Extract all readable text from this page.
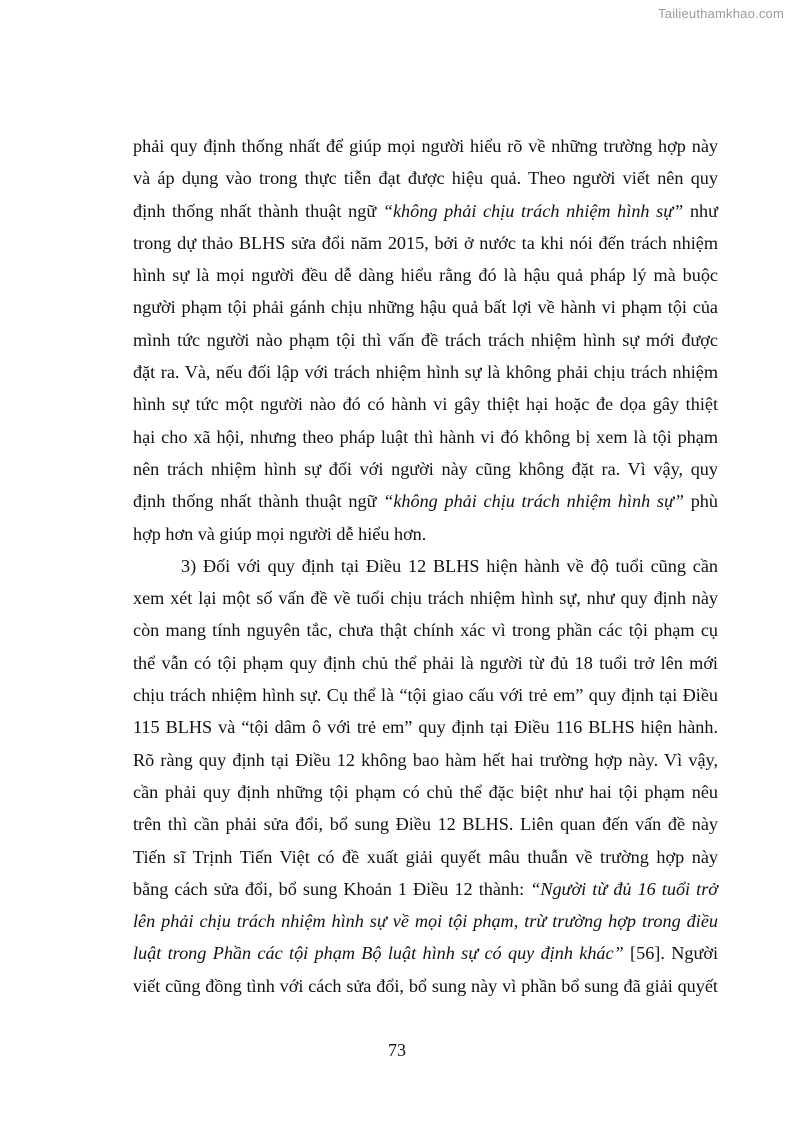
Tailieuthamkhao.com
phải quy định thống nhất để giúp mọi người hiểu rõ về những trường hợp này
và áp dụng vào trong thực tiễn đạt được hiệu quả. Theo người viết nên quy
định thống nhất thành thuật ngữ “không phải chịu trách nhiệm hình sự” như
trong dự thảo BLHS sửa đổi năm 2015, bởi ở nước ta khi nói đến trách nhiệm
hình sự là mọi người đều dễ dàng hiểu rằng đó là hậu quả pháp lý mà buộc
người phạm tội phải gánh chịu những hậu quả bất lợi về hành vi phạm tội của
mình tức người nào phạm tội thì vấn đề trách trách nhiệm hình sự mới được
đặt ra. Và, nếu đối lập với trách nhiệm hình sự là không phải chịu trách nhiệm
hình sự tức một người nào đó có hành vi gây thiệt hại hoặc đe dọa gây thiệt
hại cho xã hội, nhưng theo pháp luật thì hành vi đó không bị xem là tội phạm
nên trách nhiệm hình sự đối với người này cũng không đặt ra. Vì vậy, quy
định thống nhất thành thuật ngữ “không phải chịu trách nhiệm hình sự” phù
hợp hơn và giúp mọi người dễ hiểu hơn.
3) Đối với quy định tại Điều 12 BLHS hiện hành về độ tuổi cũng cần
xem xét lại một số vấn đề về tuổi chịu trách nhiệm hình sự, như quy định này
còn mang tính nguyên tắc, chưa thật chính xác vì trong phần các tội phạm cụ
thể vẫn có tội phạm quy định chủ thể phải là người từ đủ 18 tuổi trở lên mới
chịu trách nhiệm hình sự. Cụ thể là “tội giao cấu với trẻ em” quy định tại Điều
115 BLHS và “tội dâm ô với trẻ em” quy định tại Điều 116 BLHS hiện hành.
Rõ ràng quy định tại Điều 12 không bao hàm hết hai trường hợp này. Vì vậy,
cần phải quy định những tội phạm có chủ thể đặc biệt như hai tội phạm nêu
trên thì cần phải sửa đổi, bổ sung Điều 12 BLHS. Liên quan đến vấn đề này
Tiến sĩ Trịnh Tiến Việt có đề xuất giải quyết mâu thuẫn về trường hợp này
bằng cách sửa đổi, bổ sung Khoản 1 Điều 12 thành: “Người từ đủ 16 tuổi trở
lên phải chịu trách nhiệm hình sự về mọi tội phạm, trừ trường hợp trong điều
luật trong Phần các tội phạm Bộ luật hình sự có quy định khác” [56]. Người
viết cũng đồng tình với cách sửa đổi, bổ sung này vì phần bổ sung đã giải quyết
73
